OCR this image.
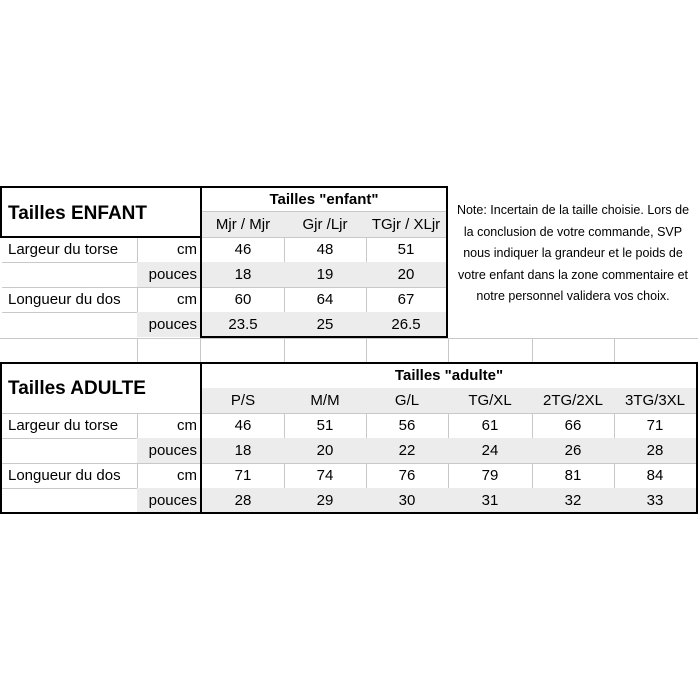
Tailles ENFANT
Tailles "enfant"
Mjr / Mjr	Gjr /Ljr	TGjr / XLjr
Largeur du torse	cm	46	48	51
pouces	18	19	20
Longueur du dos	cm	60	64	67
pouces	23.5	25	26.5
Note: Incertain de la taille choisie. Lors de la conclusion de votre commande, SVP nous indiquer la grandeur et le poids de votre enfant dans la zone commentaire et notre personnel validera vos choix.
Tailles ADULTE
Tailles "adulte"
P/S	M/M	G/L	TG/XL	2TG/2XL	3TG/3XL
Largeur du torse	cm	46	51	56	61	66	71
pouces	18	20	22	24	26	28
Longueur du dos	cm	71	74	76	79	81	84
pouces	28	29	30	31	32	33
